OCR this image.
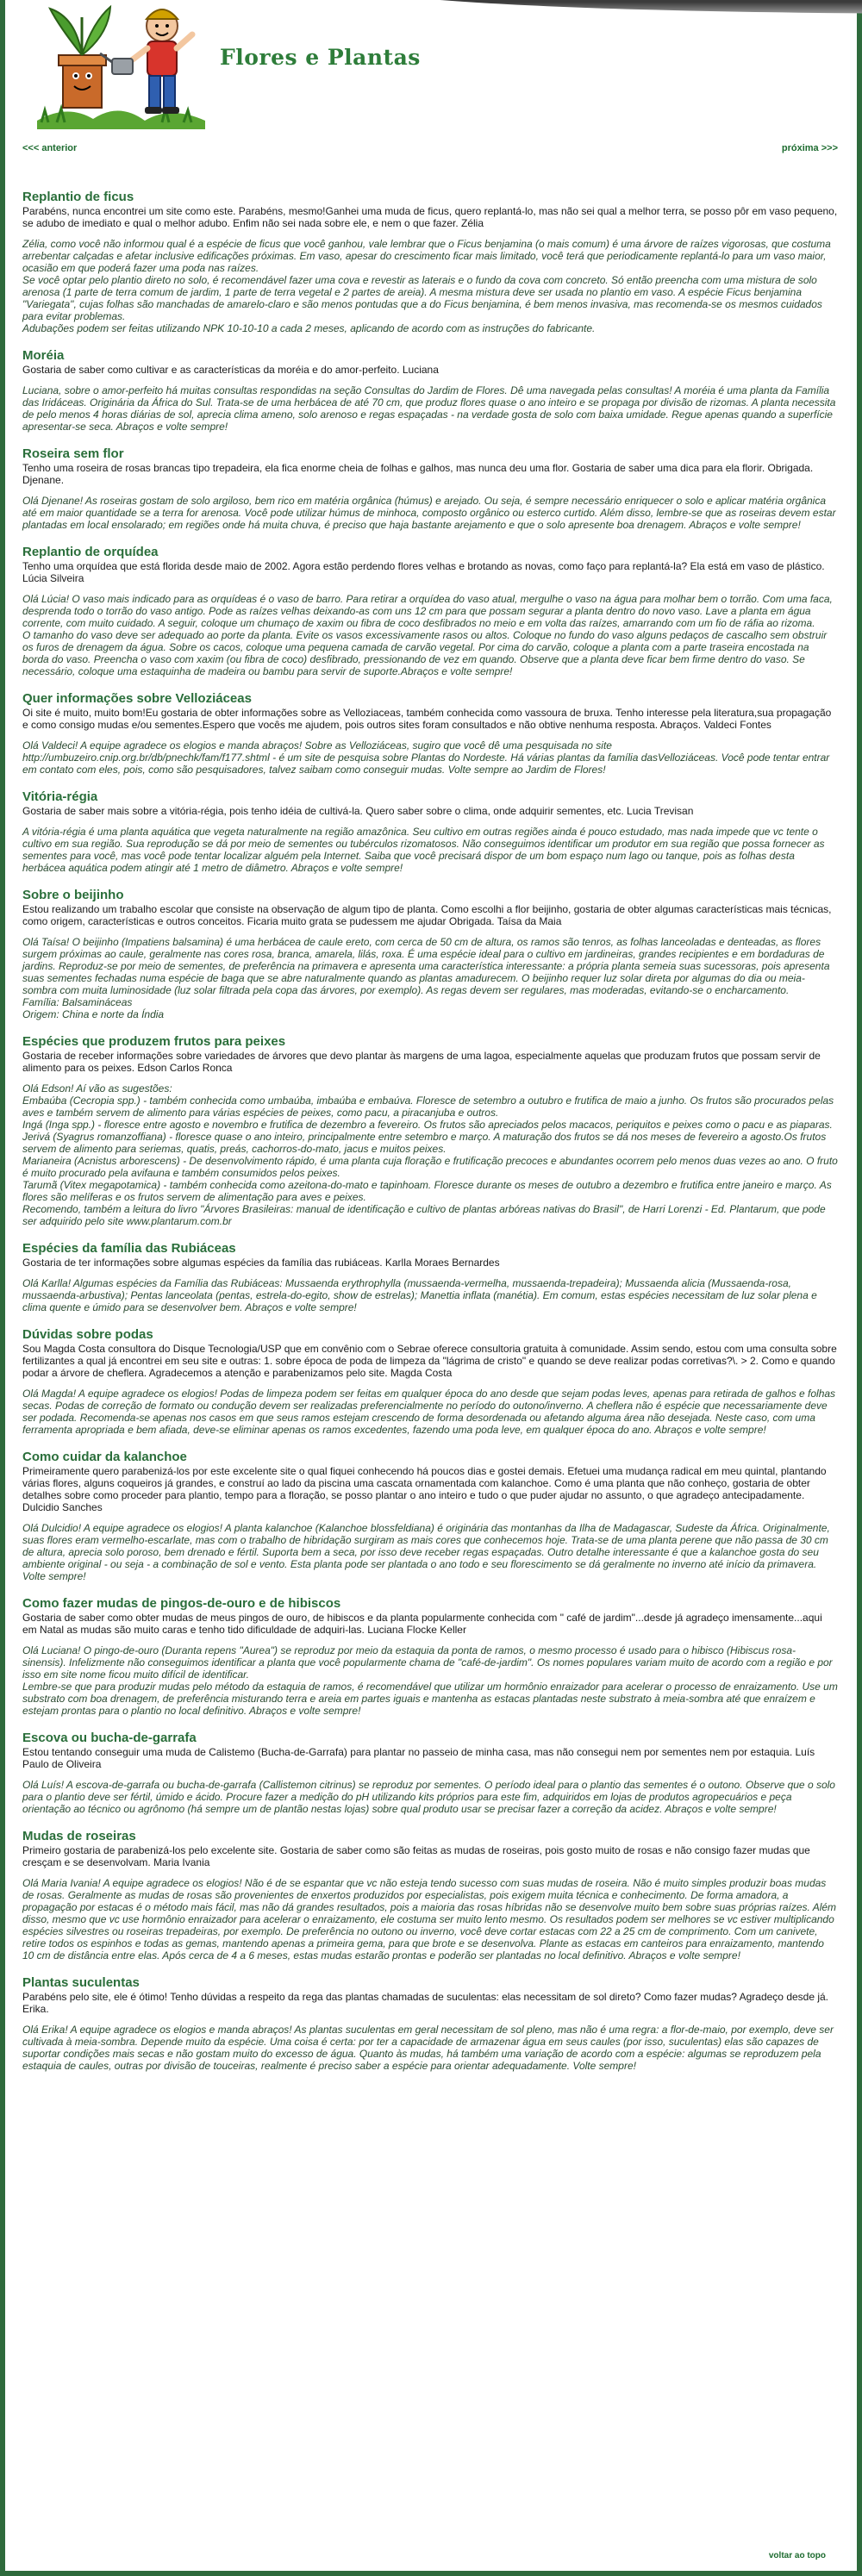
Flores e Plantas
<<< anterior	próxima >>>
Replantio de ficus

Parabéns, nunca encontrei um site como este. Parabéns, mesmo!Ganhei uma muda de ficus, quero replantá-lo, mas não sei qual a melhor terra, se posso pôr em vaso pequeno, se adubo de imediato e qual o melhor adubo. Enfim não sei nada sobre ele, e nem o que fazer. Zélia

Zélia, como você não informou qual é a espécie de ficus que você ganhou, vale lembrar que o Ficus benjamina (o mais comum) é uma árvore de raízes vigorosas, que costuma arrebentar calçadas e afetar inclusive edificações próximas. Em vaso, apesar do crescimento ficar mais limitado, você terá que periodicamente replantá-lo para um vaso maior, ocasião em que poderá fazer uma poda nas raízes.
Se você optar pelo plantio direto no solo, é recomendável fazer uma cova e revestir as laterais e o fundo da cova com concreto. Só então preencha com uma mistura de solo arenosa (1 parte de terra comum de jardim, 1 parte de terra vegetal e 2 partes de areia). A mesma mistura deve ser usada no plantio em vaso. A espécie Ficus benjamina "Variegata", cujas folhas são manchadas de amarelo-claro e são menos pontudas que a do Ficus benjamina, é bem menos invasiva, mas recomenda-se os mesmos cuidados para evitar problemas.
Adubações podem ser feitas utilizando NPK 10-10-10 a cada 2 meses, aplicando de acordo com as instruções do fabricante.

Moréia

Gostaria de saber como cultivar e as características da moréia e do amor-perfeito. Luciana

Luciana, sobre o amor-perfeito há muitas consultas respondidas na seção Consultas do Jardim de Flores. Dê uma navegada pelas consultas! A moréia é uma planta da Família das Iridáceas. Originária da África do Sul. Trata-se de uma herbácea de até 70 cm, que produz flores quase o ano inteiro e se propaga por divisão de rizomas. A planta necessita de pelo menos 4 horas diárias de sol, aprecia clima ameno, solo arenoso e regas espaçadas - na verdade gosta de solo com baixa umidade. Regue apenas quando a superfície apresentar-se seca. Abraços e volte sempre!

Roseira sem flor

Tenho uma roseira de rosas brancas tipo trepadeira, ela fica enorme cheia de folhas e galhos, mas nunca deu uma flor. Gostaria de saber uma dica para ela florir. Obrigada. Djenane.

Olá Djenane! As roseiras gostam de solo argiloso, bem rico em matéria orgânica (húmus) e arejado. Ou seja, é sempre necessário enriquecer o solo e aplicar matéria orgânica até em maior quantidade se a terra for arenosa. Você pode utilizar húmus de minhoca, composto orgânico ou esterco curtido. Além disso, lembre-se que as roseiras devem estar plantadas em local ensolarado; em regiões onde há muita chuva, é preciso que haja bastante arejamento e que o solo apresente boa drenagem. Abraços e volte sempre!

Replantio de orquídea

Tenho uma orquídea que está florida desde maio de 2002. Agora estão perdendo flores velhas e brotando as novas, como faço para replantá-la? Ela está em vaso de plástico. Lúcia Silveira

Olá Lúcia! O vaso mais indicado para as orquídeas é o vaso de barro. Para retirar a orquídea do vaso atual, mergulhe o vaso na água para molhar bem o torrão. Com uma faca, desprenda todo o torrão do vaso antigo. Pode as raízes velhas deixando-as com uns 12 cm para que possam segurar a planta dentro do novo vaso. Lave a planta em água corrente, com muito cuidado. A seguir, coloque um chumaço de xaxim ou fibra de coco desfibrados no meio e em volta das raízes, amarrando com um fio de ráfia ao rizoma.
O tamanho do vaso deve ser adequado ao porte da planta. Evite os vasos excessivamente rasos ou altos. Coloque no fundo do vaso alguns pedaços de cascalho sem obstruir os furos de drenagem da água. Sobre os cacos, coloque uma pequena camada de carvão vegetal. Por cima do carvão, coloque a planta com a parte traseira encostada na borda do vaso. Preencha o vaso com xaxim (ou fibra de coco) desfibrado, pressionando de vez em quando. Observe que a planta deve ficar bem firme dentro do vaso. Se necessário, coloque uma estaquinha de madeira ou bambu para servir de suporte.Abraços e volte sempre!

Quer informações sobre Velloziáceas

Oi site é muito, muito bom!Eu gostaria de obter informações sobre as Velloziaceas, também conhecida como vassoura de bruxa. Tenho interesse pela literatura,sua propagação e como consigo mudas e/ou sementes.Espero que vocês me ajudem, pois outros sites foram consultados e não obtive nenhuma resposta. Abraços. Valdeci Fontes

Olá Valdeci! A equipe agradece os elogios e manda abraços! Sobre as Velloziáceas, sugiro que você dê uma pesquisada no site http://umbuzeiro.cnip.org.br/db/pnechk/fam/f177.shtml - é um site de pesquisa sobre Plantas do Nordeste. Há várias plantas da família dasVelloziáceas. Você pode tentar entrar em contato com eles, pois, como são pesquisadores, talvez saibam como conseguir mudas. Volte sempre ao Jardim de Flores!

Vitória-régia

Gostaria de saber mais sobre a vitória-régia, pois tenho idéia de cultivá-la. Quero saber sobre o clima, onde adquirir sementes, etc. Lucia Trevisan

A vitória-régia é uma planta aquática que vegeta naturalmente na região amazônica. Seu cultivo em outras regiões ainda é pouco estudado, mas nada impede que vc tente o cultivo em sua região. Sua reprodução se dá por meio de sementes ou tubérculos rizomatosos. Não conseguimos identificar um produtor em sua região que possa fornecer as sementes para você, mas você pode tentar localizar alguém pela Internet. Saiba que você precisará dispor de um bom espaço num lago ou tanque, pois as folhas desta herbácea aquática podem atingir até 1 metro de diâmetro. Abraços e volte sempre!

Sobre o beijinho

Estou realizando um trabalho escolar que consiste na observação de algum tipo de planta. Como escolhi a flor beijinho, gostaria de obter algumas características mais técnicas, como origem, características e outros conceitos. Ficaria muito grata se pudessem me ajudar Obrigada. Taísa da Maia

Olá Taísa! O beijinho (Impatiens balsamina) é uma herbácea de caule ereto, com cerca de 50 cm de altura, os ramos são tenros, as folhas lanceoladas e denteadas, as flores surgem próximas ao caule, geralmente nas cores rosa, branca, amarela, lilás, roxa. É uma espécie ideal para o cultivo em jardineiras, grandes recipientes e em bordaduras de jardins. Reproduz-se por meio de sementes, de preferência na primavera e apresenta uma característica interessante: a própria planta semeia suas sucessoras, pois apresenta suas sementes fechadas numa espécie de baga que se abre naturalmente quando as plantas amadurecem. O beijinho requer luz solar direta por algumas do dia ou meia-sombra com muita luminosidade (luz solar filtrada pela copa das árvores, por exemplo). As regas devem ser regulares, mas moderadas, evitando-se o encharcamento.
Família: Balsamináceas
Origem: China e norte da Índia

Espécies que produzem frutos para peixes

Gostaria de receber informações sobre variedades de árvores que devo plantar às margens de uma lagoa, especialmente aquelas que produzam frutos que possam servir de alimento para os peixes. Edson Carlos Ronca

Olá Edson! Aí vão as sugestões:
Embaúba (Cecropia spp.) - também conhecida como umbaúba, imbaúba e embaúva. Floresce de setembro a outubro e frutifica de maio a junho. Os frutos são procurados pelas aves e também servem de alimento para várias espécies de peixes, como pacu, a piracanjuba e outros.
Ingá (Inga spp.) - floresce entre agosto e novembro e frutifica de dezembro a fevereiro. Os frutos são apreciados pelos macacos, periquitos e peixes como o pacu e as piaparas.
Jerivá (Syagrus romanzoffiana) - floresce quase o ano inteiro, principalmente entre setembro e março. A maturação dos frutos se dá nos meses de fevereiro a agosto.Os frutos servem de alimento para seriemas, quatis, preás, cachorros-do-mato, jacus e muitos peixes.
Marianeira (Acnistus arborescens) - De desenvolvimento rápido, é uma planta cuja floração e frutificação precoces e abundantes ocorrem pelo menos duas vezes ao ano. O fruto é muito procurado pela avifauna e também consumidos pelos peixes.
Tarumã (Vitex megapotamica) - também conhecida como azeitona-do-mato e tapinhoam. Floresce durante os meses de outubro a dezembro e frutifica entre janeiro e março. As flores são melíferas e os frutos servem de alimentação para aves e peixes.
Recomendo, também a leitura do livro "Árvores Brasileiras: manual de identificação e cultivo de plantas arbóreas nativas do Brasil", de Harri Lorenzi - Ed. Plantarum, que pode ser adquirido pelo site www.plantarum.com.br

Espécies da família das Rubiáceas

Gostaria de ter informações sobre algumas espécies da família das rubiáceas. Karlla Moraes Bernardes

Olá Karlla! Algumas espécies da Família das Rubiáceas: Mussaenda erythrophylla (mussaenda-vermelha, mussaenda-trepadeira); Mussaenda alicia (Mussaenda-rosa, mussaenda-arbustiva); Pentas lanceolata (pentas, estrela-do-egito, show de estrelas); Manettia inflata (manétia). Em comum, estas espécies necessitam de luz solar plena e clima quente e úmido para se desenvolver bem. Abraços e volte sempre!

Dúvidas sobre podas

Sou Magda Costa consultora do Disque Tecnologia/USP que em convênio com o Sebrae oferece consultoria gratuita à comunidade. Assim sendo, estou com uma consulta sobre fertilizantes a qual já encontrei em seu site e outras: 1. sobre época de poda de limpeza da "lágrima de cristo" e quando se deve realizar podas corretivas?\. > 2. Como e quando podar a árvore de cheflera. Agradecemos a atenção e parabenizamos pelo site. Magda Costa

Olá Magda! A equipe agradece os elogios! Podas de limpeza podem ser feitas em qualquer época do ano desde que sejam podas leves, apenas para retirada de galhos e folhas secas. Podas de correção de formato ou condução devem ser realizadas preferencialmente no período do outono/inverno. A cheflera não é espécie que necessariamente deve ser podada. Recomenda-se apenas nos casos em que seus ramos estejam crescendo de forma desordenada ou afetando alguma área não desejada. Neste caso, com uma ferramenta apropriada e bem afiada, deve-se eliminar apenas os ramos excedentes, fazendo uma poda leve, em qualquer época do ano. Abraços e volte sempre!

Como cuidar da kalanchoe

Primeiramente quero parabenizá-los por este excelente site o qual fiquei conhecendo há poucos dias e gostei demais. Efetuei uma mudança radical em meu quintal, plantando várias flores, alguns coqueiros já grandes, e construí ao lado da piscina uma cascata ornamentada com kalanchoe. Como é uma planta que não conheço, gostaria de obter detalhes sobre como proceder para plantio, tempo para a floração, se posso plantar o ano inteiro e tudo o que puder ajudar no assunto, o que agradeço antecipadamente. Dulcidio Sanches

Olá Dulcidio! A equipe agradece os elogios! A planta kalanchoe (Kalanchoe blossfeldiana) é originária das montanhas da Ilha de Madagascar, Sudeste da África. Originalmente, suas flores eram vermelho-escarlate, mas com o trabalho de hibridação surgiram as mais cores que conhecemos hoje. Trata-se de uma planta perene que não passa de 30 cm de altura, aprecia solo poroso, bem drenado e fértil. Suporta bem a seca, por isso deve receber regas espaçadas. Outro detalhe interessante é que a kalanchoe gosta do seu ambiente original - ou seja - a combinação de sol e vento. Esta planta pode ser plantada o ano todo e seu florescimento se dá geralmente no inverno até início da primavera. Volte sempre!

Como fazer mudas de pingos-de-ouro e de hibiscos

Gostaria de saber como obter mudas de meus pingos de ouro, de hibiscos e da planta popularmente conhecida com " café de jardim"...desde já agradeço imensamente...aqui em Natal as mudas são muito caras e tenho tido dificuldade de adquiri-las. Luciana Flocke Keller

Olá Luciana! O pingo-de-ouro (Duranta repens "Aurea") se reproduz por meio da estaquia da ponta de ramos, o mesmo processo é usado para o hibisco (Hibiscus rosa-sinensis). Infelizmente não conseguimos identificar a planta que você popularmente chama de "café-de-jardim". Os nomes populares variam muito de acordo com a região e por isso em site nome ficou muito difícil de identificar.
Lembre-se que para produzir mudas pelo método da estaquia de ramos, é recomendável que utilizar um hormônio enraizador para acelerar o processo de enraizamento. Use um substrato com boa drenagem, de preferência misturando terra e areia em partes iguais e mantenha as estacas plantadas neste substrato à meia-sombra até que enraízem e estejam prontas para o plantio no local definitivo. Abraços e volte sempre!

Escova ou bucha-de-garrafa

Estou tentando conseguir uma muda de Calistemo (Bucha-de-Garrafa) para plantar no passeio de minha casa, mas não consegui nem por sementes nem por estaquia. Luís Paulo de Oliveira

Olá Luís! A escova-de-garrafa ou bucha-de-garrafa (Callistemon citrinus) se reproduz por sementes. O período ideal para o plantio das sementes é o outono. Observe que o solo para o plantio deve ser fértil, úmido e ácido. Procure fazer a medição do pH utilizando kits próprios para este fim, adquiridos em lojas de produtos agropecuários e peça orientação ao técnico ou agrônomo (há sempre um de plantão nestas lojas) sobre qual produto usar se precisar fazer a correção da acidez. Abraços e volte sempre!

Mudas de roseiras

Primeiro gostaria de parabenizá-los pelo excelente site. Gostaria de saber como são feitas as mudas de roseiras, pois gosto muito de rosas e não consigo fazer mudas que cresçam e se desenvolvam. Maria Ivania

Olá Maria Ivania! A equipe agradece os elogios! Não é de se espantar que vc não esteja tendo sucesso com suas mudas de roseira. Não é muito simples produzir boas mudas de rosas. Geralmente as mudas de rosas são provenientes de enxertos produzidos por especialistas, pois exigem muita técnica e conhecimento. De forma amadora, a propagação por estacas é o método mais fácil, mas não dá grandes resultados, pois a maioria das rosas híbridas não se desenvolve muito bem sobre suas próprias raízes. Além disso, mesmo que vc use hormônio enraizador para acelerar o enraizamento, ele costuma ser muito lento mesmo. Os resultados podem ser melhores se vc estiver multiplicando espécies silvestres ou roseiras trepadeiras, por exemplo. De preferência no outono ou inverno, você deve cortar estacas com 22 a 25 cm de comprimento. Com um canivete, retire todos os espinhos e todas as gemas, mantendo apenas a primeira gema, para que brote e se desenvolva. Plante as estacas em canteiros para enraizamento, mantendo 10 cm de distância entre elas. Após cerca de 4 a 6 meses, estas mudas estarão prontas e poderão ser plantadas no local definitivo. Abraços e volte sempre!

Plantas suculentas

Parabéns pelo site, ele é ótimo! Tenho dúvidas a respeito da rega das plantas chamadas de suculentas: elas necessitam de sol direto? Como fazer mudas? Agradeço desde já. Erika.

Olá Erika! A equipe agradece os elogios e manda abraços! As plantas suculentas em geral necessitam de sol pleno, mas não é uma regra: a flor-de-maio, por exemplo, deve ser cultivada à meia-sombra. Depende muito da espécie. Uma coisa é certa: por ter a capacidade de armazenar água em seus caules (por isso, suculentas) elas são capazes de suportar condições mais secas e não gostam muito do excesso de água. Quanto às mudas, há também uma variação de acordo com a espécie: algumas se reproduzem pela estaquia de caules, outras por divisão de touceiras, realmente é preciso saber a espécie para orientar adequadamente. Volte sempre!

voltar ao topo
